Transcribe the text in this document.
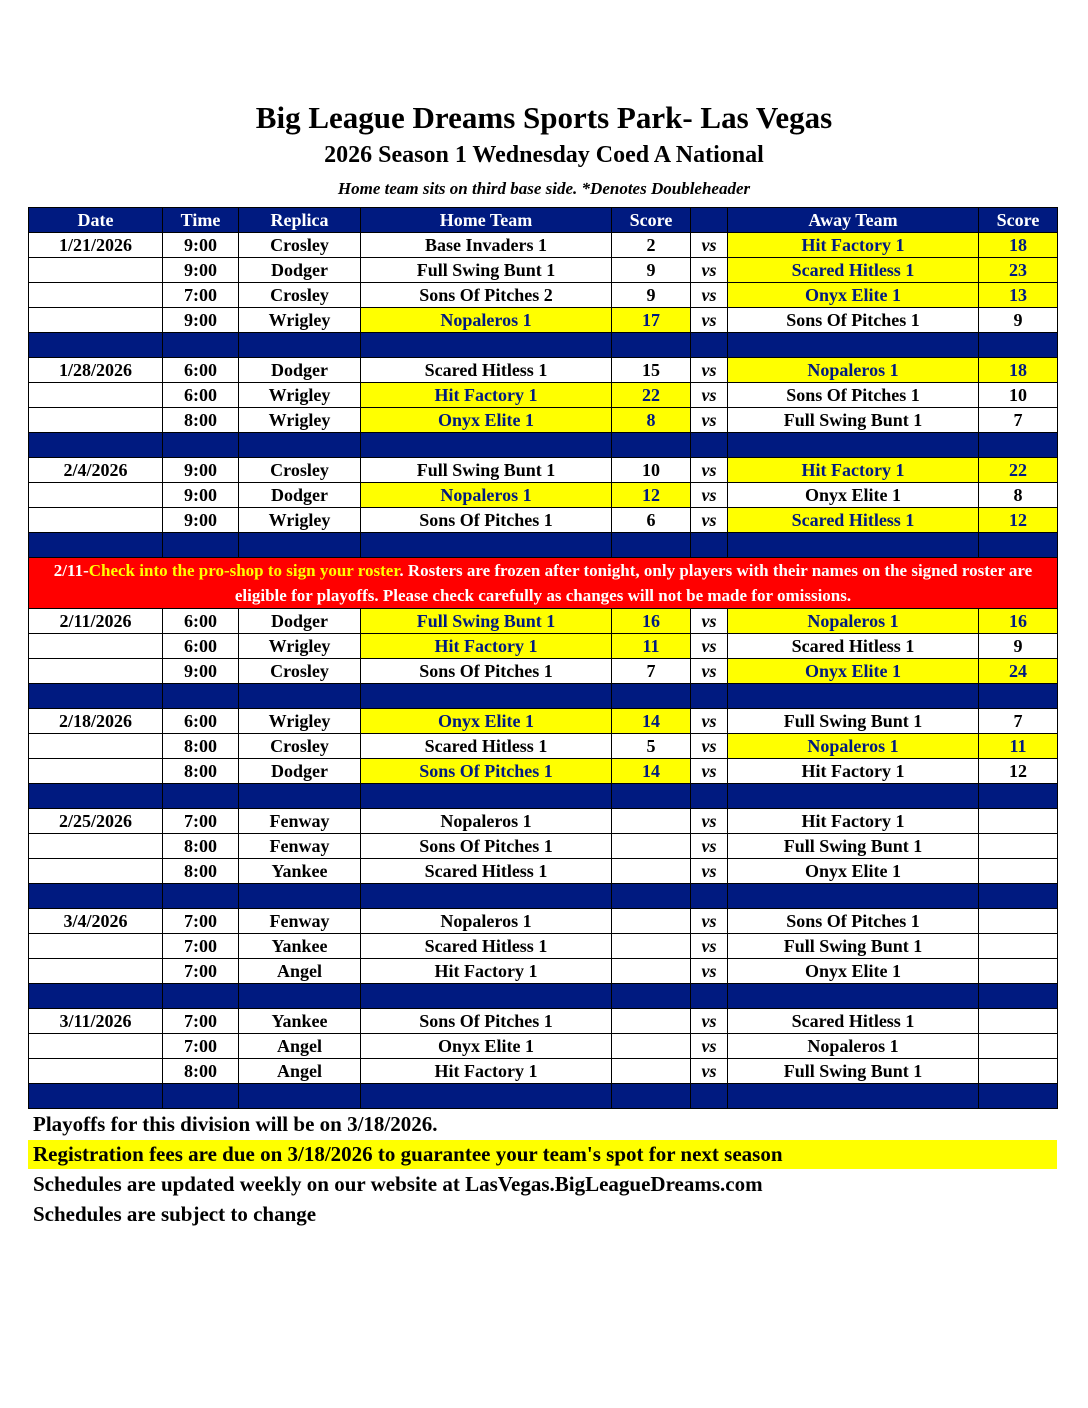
Big League Dreams Sports Park- Las Vegas
2026 Season 1 Wednesday Coed A National
Home team sits on third base side. *Denotes Doubleheader
Date	Time	Replica	Home Team	Score		Away Team	Score
1/21/2026	9:00	Crosley	Base Invaders 1	2	vs	Hit Factory 1	18
	9:00	Dodger	Full Swing Bunt 1	9	vs	Scared Hitless 1	23
	7:00	Crosley	Sons Of Pitches 2	9	vs	Onyx Elite 1	13
	9:00	Wrigley	Nopaleros 1	17	vs	Sons Of Pitches 1	9

1/28/2026	6:00	Dodger	Scared Hitless 1	15	vs	Nopaleros 1	18
	6:00	Wrigley	Hit Factory 1	22	vs	Sons Of Pitches 1	10
	8:00	Wrigley	Onyx Elite 1	8	vs	Full Swing Bunt 1	7

2/4/2026	9:00	Crosley	Full Swing Bunt 1	10	vs	Hit Factory 1	22
	9:00	Dodger	Nopaleros 1	12	vs	Onyx Elite 1	8
	9:00	Wrigley	Sons Of Pitches 1	6	vs	Scared Hitless 1	12

2/11-Check into the pro-shop to sign your roster. Rosters are frozen after tonight, only players with their names on the signed roster are eligible for playoffs. Please check carefully as changes will not be made for omissions.							
2/11/2026	6:00	Dodger	Full Swing Bunt 1	16	vs	Nopaleros 1	16
	6:00	Wrigley	Hit Factory 1	11	vs	Scared Hitless 1	9
	9:00	Crosley	Sons Of Pitches 1	7	vs	Onyx Elite 1	24

2/18/2026	6:00	Wrigley	Onyx Elite 1	14	vs	Full Swing Bunt 1	7
	8:00	Crosley	Scared Hitless 1	5	vs	Nopaleros 1	11
	8:00	Dodger	Sons Of Pitches 1	14	vs	Hit Factory 1	12

2/25/2026	7:00	Fenway	Nopaleros 1		vs	Hit Factory 1	
	8:00	Fenway	Sons Of Pitches 1		vs	Full Swing Bunt 1	
	8:00	Yankee	Scared Hitless 1		vs	Onyx Elite 1	

3/4/2026	7:00	Fenway	Nopaleros 1		vs	Sons Of Pitches 1	
	7:00	Yankee	Scared Hitless 1		vs	Full Swing Bunt 1	
	7:00	Angel	Hit Factory 1		vs	Onyx Elite 1	

3/11/2026	7:00	Yankee	Sons Of Pitches 1		vs	Scared Hitless 1	
	7:00	Angel	Onyx Elite 1		vs	Nopaleros 1	
	8:00	Angel	Hit Factory 1		vs	Full Swing Bunt 1	

Playoffs for this division will be on 3/18/2026.
Registration fees are due on 3/18/2026 to guarantee your team's spot for next season
Schedules are updated weekly on our website at LasVegas.BigLeagueDreams.com
Schedules are subject to change
